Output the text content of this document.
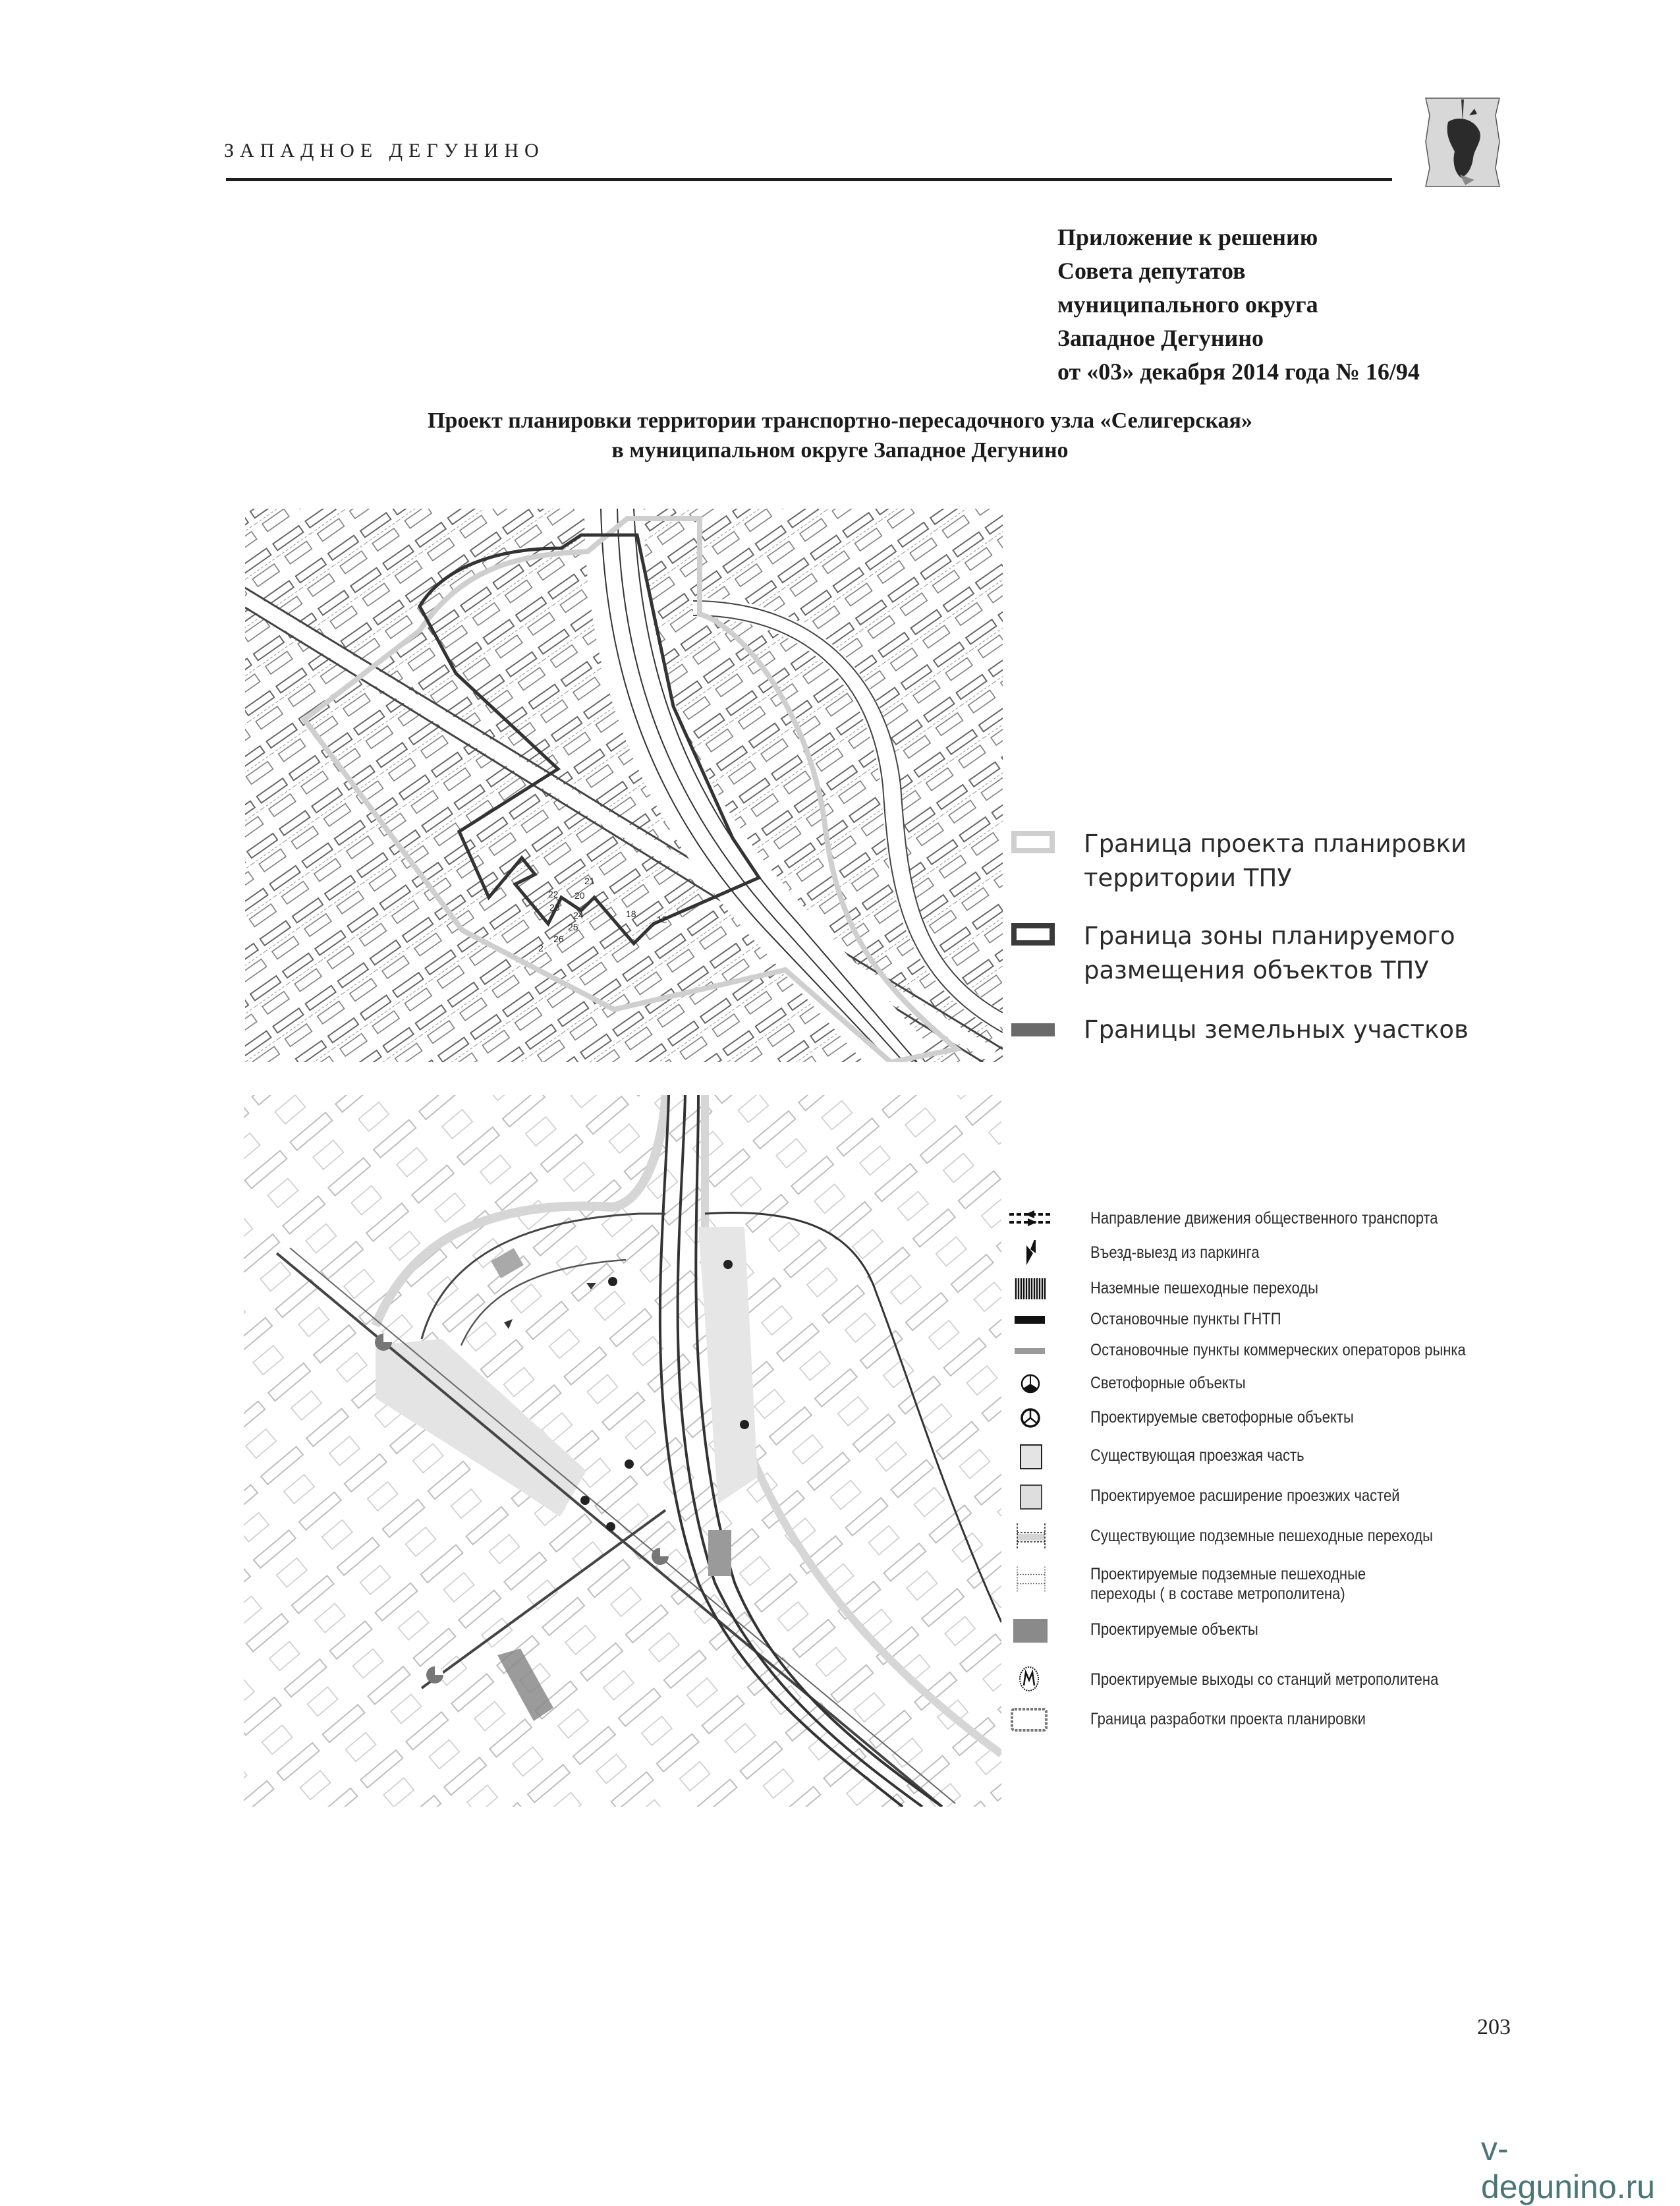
ЗАПАДНОЕ ДЕГУНИНО
Приложение к решению
Совета депутатов
муниципального округа
Западное Дегунино
от «03» декабря 2014 года № 16/94
Проект планировки территории транспортно-пересадочного узла «Селигерская»
в муниципальном округе Западное Дегунино
21
22 20
23
24
25
26
2
12
18
Граница проекта планировки
территории ТПУ
Граница зоны планируемого
размещения объектов ТПУ
Границы земельных участков
Направление движения общественного транспорта
Въезд-выезд из паркинга
Наземные пешеходные переходы
Остановочные пункты ГНТП
Остановочные пункты коммерческих операторов рынка
Светофорные объекты
Проектируемые светофорные объекты
Существующая проезжая часть
Проектируемое расширение проезжих частей
Существующие подземные пешеходные переходы
Проектируемые подземные пешеходные
переходы ( в составе метрополитена)
Проектируемые объекты
Проектируемые выходы со станций метрополитена
Граница разработки проекта планировки
203
v-degunino.ru
